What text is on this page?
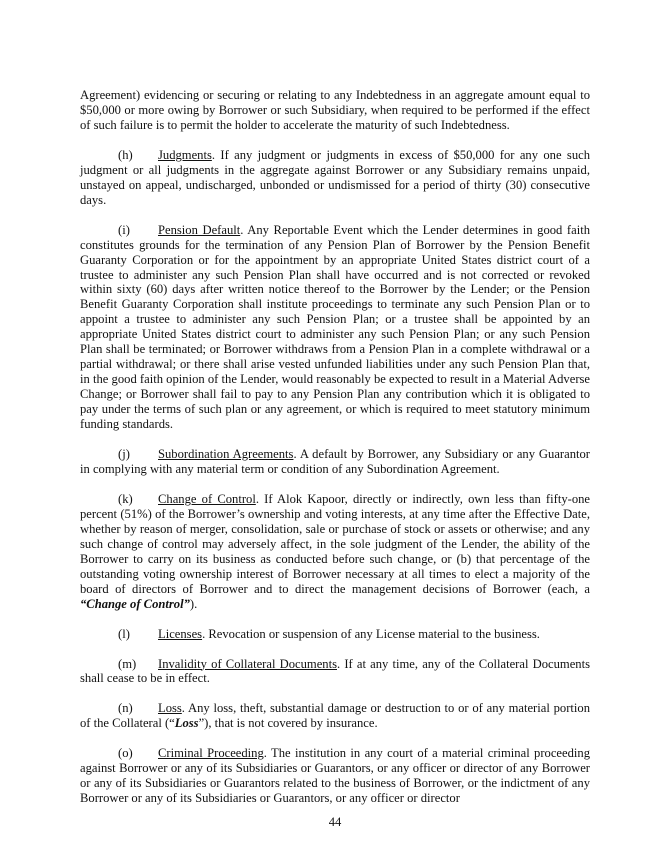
Agreement) evidencing or securing or relating to any Indebtedness in an aggregate amount equal to $50,000 or more owing by Borrower or such Subsidiary, when required to be performed if the effect of such failure is to permit the holder to accelerate the maturity of such Indebtedness.

(h) Judgments. If any judgment or judgments in excess of $50,000 for any one such judgment or all judgments in the aggregate against Borrower or any Subsidiary remains unpaid, unstayed on appeal, undischarged, unbonded or undismissed for a period of thirty (30) consecutive days.

(i) Pension Default. Any Reportable Event which the Lender determines in good faith constitutes grounds for the termination of any Pension Plan of Borrower by the Pension Benefit Guaranty Corporation or for the appointment by an appropriate United States district court of a trustee to administer any such Pension Plan shall have occurred and is not corrected or revoked within sixty (60) days after written notice thereof to the Borrower by the Lender; or the Pension Benefit Guaranty Corporation shall institute proceedings to terminate any such Pension Plan or to appoint a trustee to administer any such Pension Plan; or a trustee shall be appointed by an appropriate United States district court to administer any such Pension Plan; or any such Pension Plan shall be terminated; or Borrower withdraws from a Pension Plan in a complete withdrawal or a partial withdrawal; or there shall arise vested unfunded liabilities under any such Pension Plan that, in the good faith opinion of the Lender, would reasonably be expected to result in a Material Adverse Change; or Borrower shall fail to pay to any Pension Plan any contribution which it is obligated to pay under the terms of such plan or any agreement, or which is required to meet statutory minimum funding standards.

(j) Subordination Agreements. A default by Borrower, any Subsidiary or any Guarantor in complying with any material term or condition of any Subordination Agreement.

(k) Change of Control. If Alok Kapoor, directly or indirectly, own less than fifty-one percent (51%) of the Borrower’s ownership and voting interests, at any time after the Effective Date, whether by reason of merger, consolidation, sale or purchase of stock or assets or otherwise; and any such change of control may adversely affect, in the sole judgment of the Lender, the ability of the Borrower to carry on its business as conducted before such change, or (b) that percentage of the outstanding voting ownership interest of Borrower necessary at all times to elect a majority of the board of directors of Borrower and to direct the management decisions of Borrower (each, a “Change of Control”).

(l) Licenses. Revocation or suspension of any License material to the business.

(m) Invalidity of Collateral Documents. If at any time, any of the Collateral Documents shall cease to be in effect.

(n) Loss. Any loss, theft, substantial damage or destruction to or of any material portion of the Collateral (“Loss”), that is not covered by insurance.

(o) Criminal Proceeding. The institution in any court of a material criminal proceeding against Borrower or any of its Subsidiaries or Guarantors, or any officer or director of any Borrower or any of its Subsidiaries or Guarantors related to the business of Borrower, or the indictment of any Borrower or any of its Subsidiaries or Guarantors, or any officer or director

44
